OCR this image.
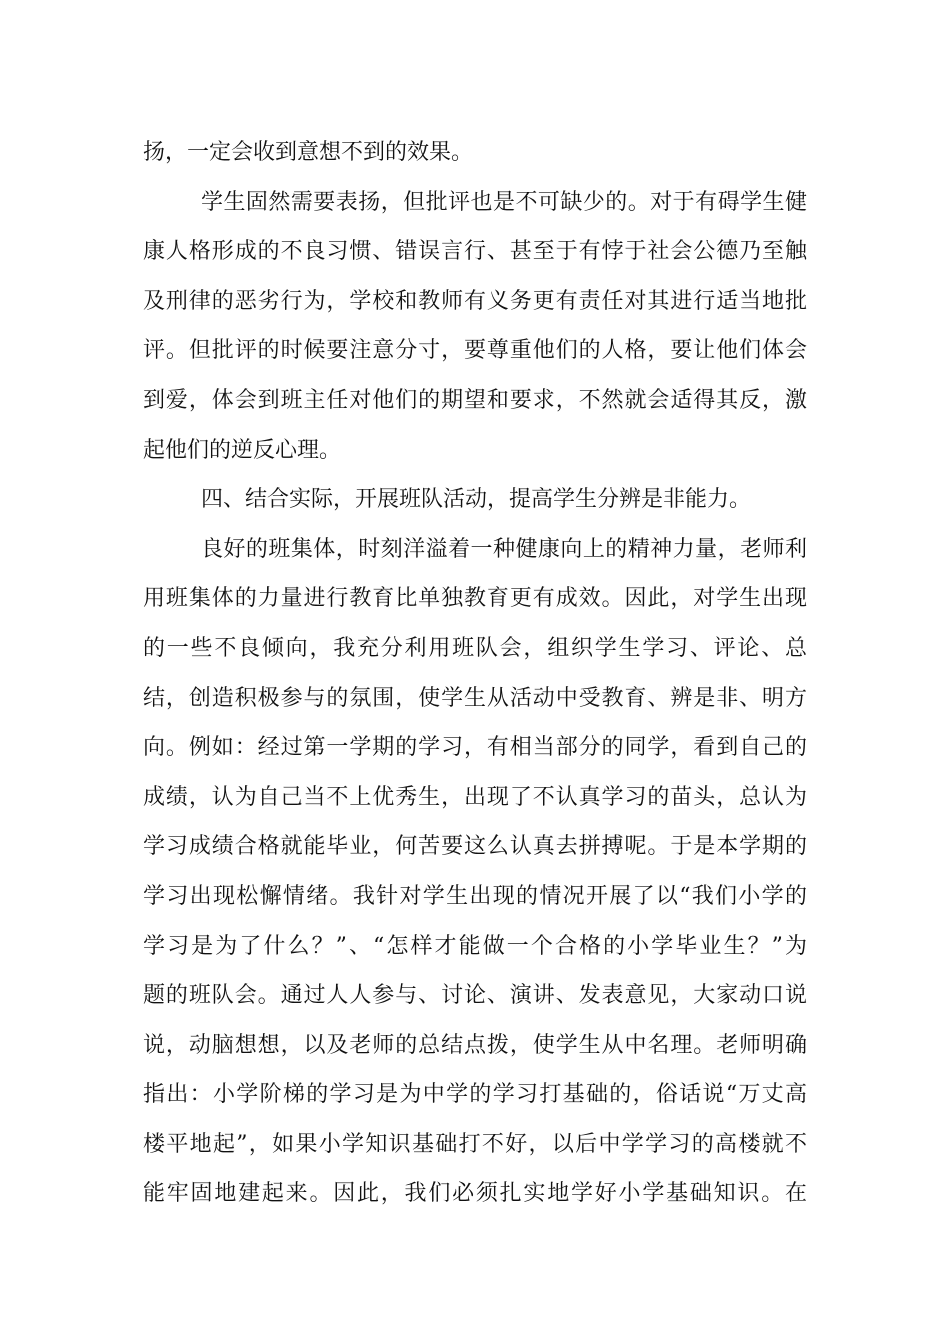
扬，一定会收到意想不到的效果。
学生固然需要表扬，但批评也是不可缺少的。对于有碍学生健
康人格形成的不良习惯、错误言行、甚至于有悖于社会公德乃至触
及刑律的恶劣行为，学校和教师有义务更有责任对其进行适当地批
评。但批评的时候要注意分寸，要尊重他们的人格，要让他们体会
到爱，体会到班主任对他们的期望和要求，不然就会适得其反，激
起他们的逆反心理。
四、结合实际，开展班队活动，提高学生分辨是非能力。
良好的班集体，时刻洋溢着一种健康向上的精神力量，老师利
用班集体的力量进行教育比单独教育更有成效。因此，对学生出现
的一些不良倾向，我充分利用班队会，组织学生学习、评论、总
结，创造积极参与的氛围，使学生从活动中受教育、辨是非、明方
向。例如：经过第一学期的学习，有相当部分的同学，看到自己的
成绩，认为自己当不上优秀生，出现了不认真学习的苗头，总认为
学习成绩合格就能毕业，何苦要这么认真去拼搏呢。于是本学期的
学习出现松懈情绪。我针对学生出现的情况开展了以“我们小学的
学习是为了什么？”、“怎样才能做一个合格的小学毕业生？”为
题的班队会。通过人人参与、讨论、演讲、发表意见，大家动口说
说，动脑想想，以及老师的总结点拨，使学生从中名理。老师明确
指出：小学阶梯的学习是为中学的学习打基础的，俗话说“万丈高
楼平地起”，如果小学知识基础打不好，以后中学学习的高楼就不
能牢固地建起来。因此，我们必须扎实地学好小学基础知识。在
